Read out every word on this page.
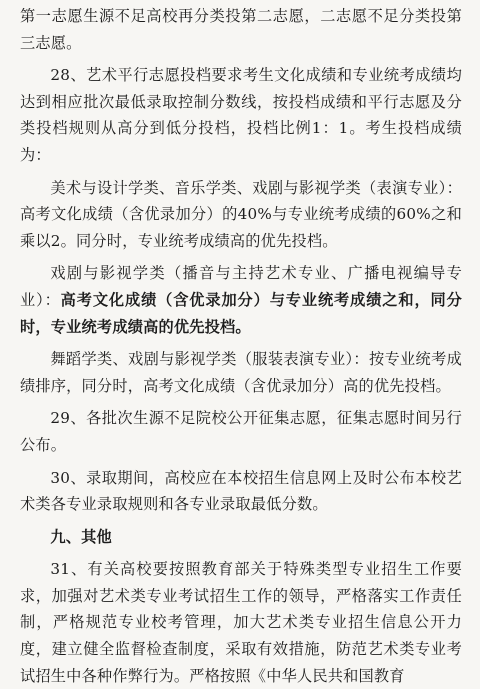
第一志愿生源不足高校再分类投第二志愿，二志愿不足分类投第三志愿。

28、艺术平行志愿投档要求考生文化成绩和专业统考成绩均达到相应批次最低录取控制分数线，按投档成绩和平行志愿及分类投档规则从高分到低分投档，投档比例1：1。考生投档成绩为：

美术与设计学类、音乐学类、戏剧与影视学类（表演专业）：高考文化成绩（含优录加分）的40%与专业统考成绩的60%之和乘以2。同分时，专业统考成绩高的优先投档。

戏剧与影视学类（播音与主持艺术专业、广播电视编导专业）：高考文化成绩（含优录加分）与专业统考成绩之和，同分时，专业统考成绩高的优先投档。

舞蹈学类、戏剧与影视学类（服装表演专业）：按专业统考成绩排序，同分时，高考文化成绩（含优录加分）高的优先投档。

29、各批次生源不足院校公开征集志愿，征集志愿时间另行公布。

30、录取期间，高校应在本校招生信息网上及时公布本校艺术类各专业录取规则和各专业录取最低分数。

九、其他

31、有关高校要按照教育部关于特殊类型专业招生工作要求，加强对艺术类专业考试招生工作的领导，严格落实工作责任制，严格规范专业校考管理，加大艺术类专业招生信息公开力度，建立健全监督检查制度，采取有效措施，防范艺术类专业考试招生中各种作弊行为。严格按照《中华人民共和国教育
